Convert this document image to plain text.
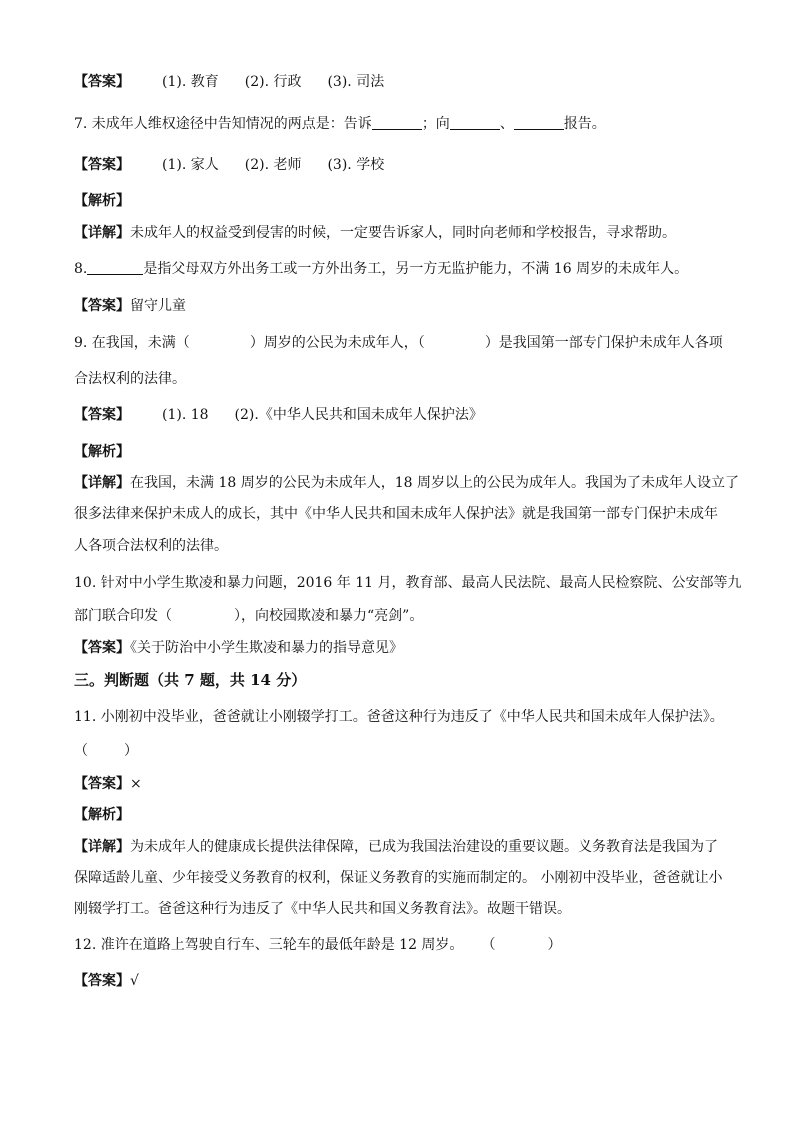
【答案】 (1). 教育 (2). 行政 (3). 司法
7. 未成年人维权途径中告知情况的两点是：告诉	；向	、	报告。
【答案】 (1). 家人 (2). 老师 (3). 学校
【解析】
【详解】未成年人的权益受到侵害的时候，一定要告诉家人，同时向老师和学校报告，寻求帮助。
8.	是指父母双方外出务工或一方外出务工，另一方无监护能力，不满 16 周岁的未成年人。
【答案】留守儿童
9. 在我国，未满（	）周岁的公民为未成年人，（	）是我国第一部专门保护未成年人各项
合法权利的法律。
【答案】 (1). 18 (2).《中华人民共和国未成年人保护法》
【解析】
【详解】在我国，未满 18 周岁的公民为未成年人，18 周岁以上的公民为成年人。我国为了未成年人设立了
很多法律来保护未成人的成长，其中《中华人民共和国未成年人保护法》就是我国第一部专门保护未成年
人各项合法权利的法律。
10. 针对中小学生欺凌和暴力问题，2016 年 11 月，教育部、最高人民法院、最高人民检察院、公安部等九
部门联合印发（	），向校园欺凌和暴力“亮剑”。
【答案】《关于防治中小学生欺凌和暴力的指导意见》
三。判断题（共 7 题，共 14 分）
11. 小刚初中没毕业，爸爸就让小刚辍学打工。爸爸这种行为违反了《中华人民共和国未成年人保护法》。
（	）
【答案】×
【解析】
【详解】为未成年人的健康成长提供法律保障，已成为我国法治建设的重要议题。义务教育法是我国为了
保障适龄儿童、少年接受义务教育的权利，保证义务教育的实施而制定的。 小刚初中没毕业，爸爸就让小
刚辍学打工。爸爸这种行为违反了《中华人民共和国义务教育法》。故题干错误。
12. 准许在道路上驾驶自行车、三轮车的最低年龄是 12 周岁。 （	）
【答案】√
